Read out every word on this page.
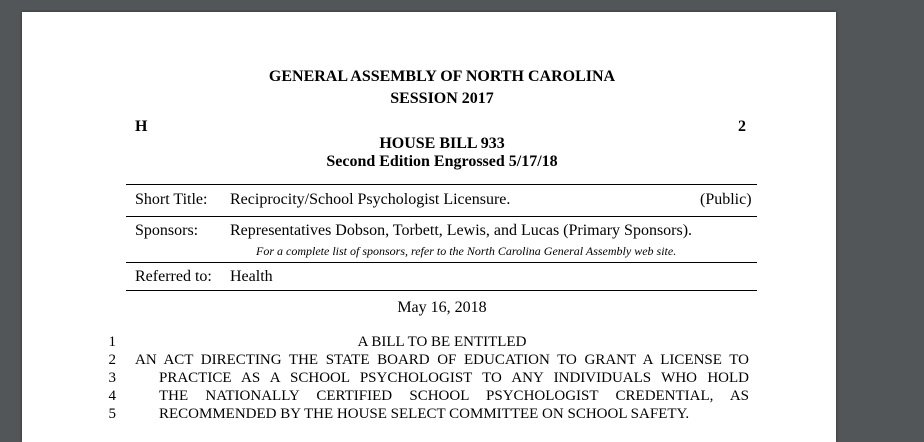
GENERAL ASSEMBLY OF NORTH CAROLINA
SESSION 2017
H	2
HOUSE BILL 933
Second Edition Engrossed 5/17/18
Short Title: Reciprocity/School Psychologist Licensure.	(Public)
Sponsors: Representatives Dobson, Torbett, Lewis, and Lucas (Primary Sponsors).
For a complete list of sponsors, refer to the North Carolina General Assembly web site.
Referred to: Health
May 16, 2018
1
2
3
4
5
A BILL TO BE ENTITLED
AN ACT DIRECTING THE STATE BOARD OF EDUCATION TO GRANT A LICENSE TO
PRACTICE AS A SCHOOL PSYCHOLOGIST TO ANY INDIVIDUALS WHO HOLD
THE NATIONALLY CERTIFIED SCHOOL PSYCHOLOGIST CREDENTIAL, AS
RECOMMENDED BY THE HOUSE SELECT COMMITTEE ON SCHOOL SAFETY.
